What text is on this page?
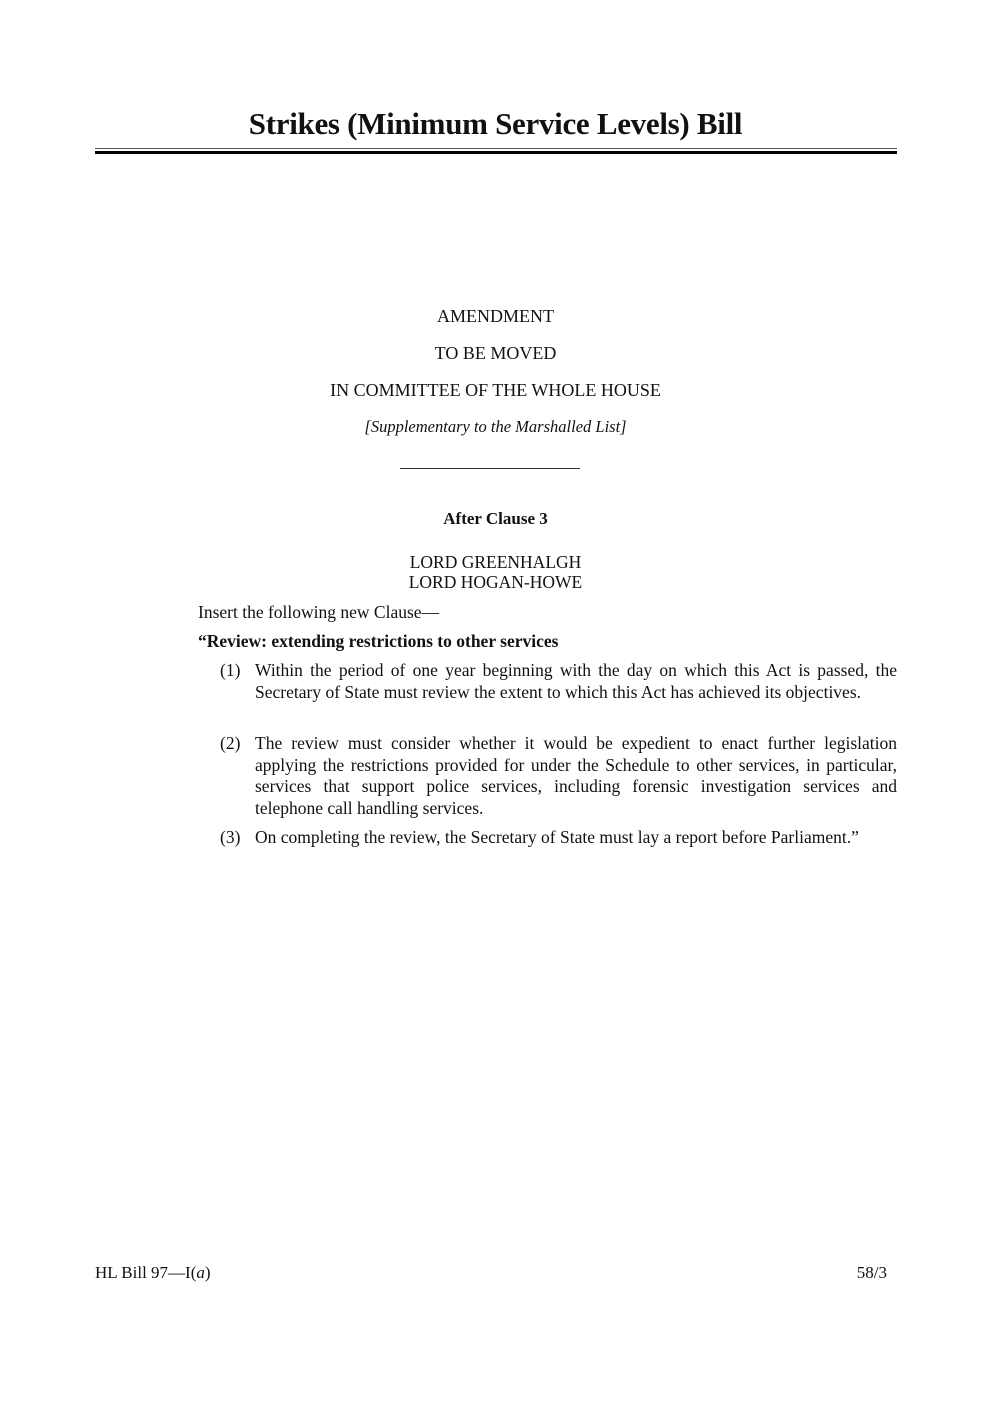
Strikes (Minimum Service Levels) Bill
AMENDMENT
TO BE MOVED
IN COMMITTEE OF THE WHOLE HOUSE
[Supplementary to the Marshalled List]
After Clause 3
LORD GREENHALGH
LORD HOGAN-HOWE
Insert the following new Clause—
“Review: extending restrictions to other services
(1) Within the period of one year beginning with the day on which this Act is passed, the Secretary of State must review the extent to which this Act has achieved its objectives.
(2) The review must consider whether it would be expedient to enact further legislation applying the restrictions provided for under the Schedule to other services, in particular, services that support police services, including forensic investigation services and telephone call handling services.
(3) On completing the review, the Secretary of State must lay a report before Parliament.”
HL Bill 97—I(a)	58/3
